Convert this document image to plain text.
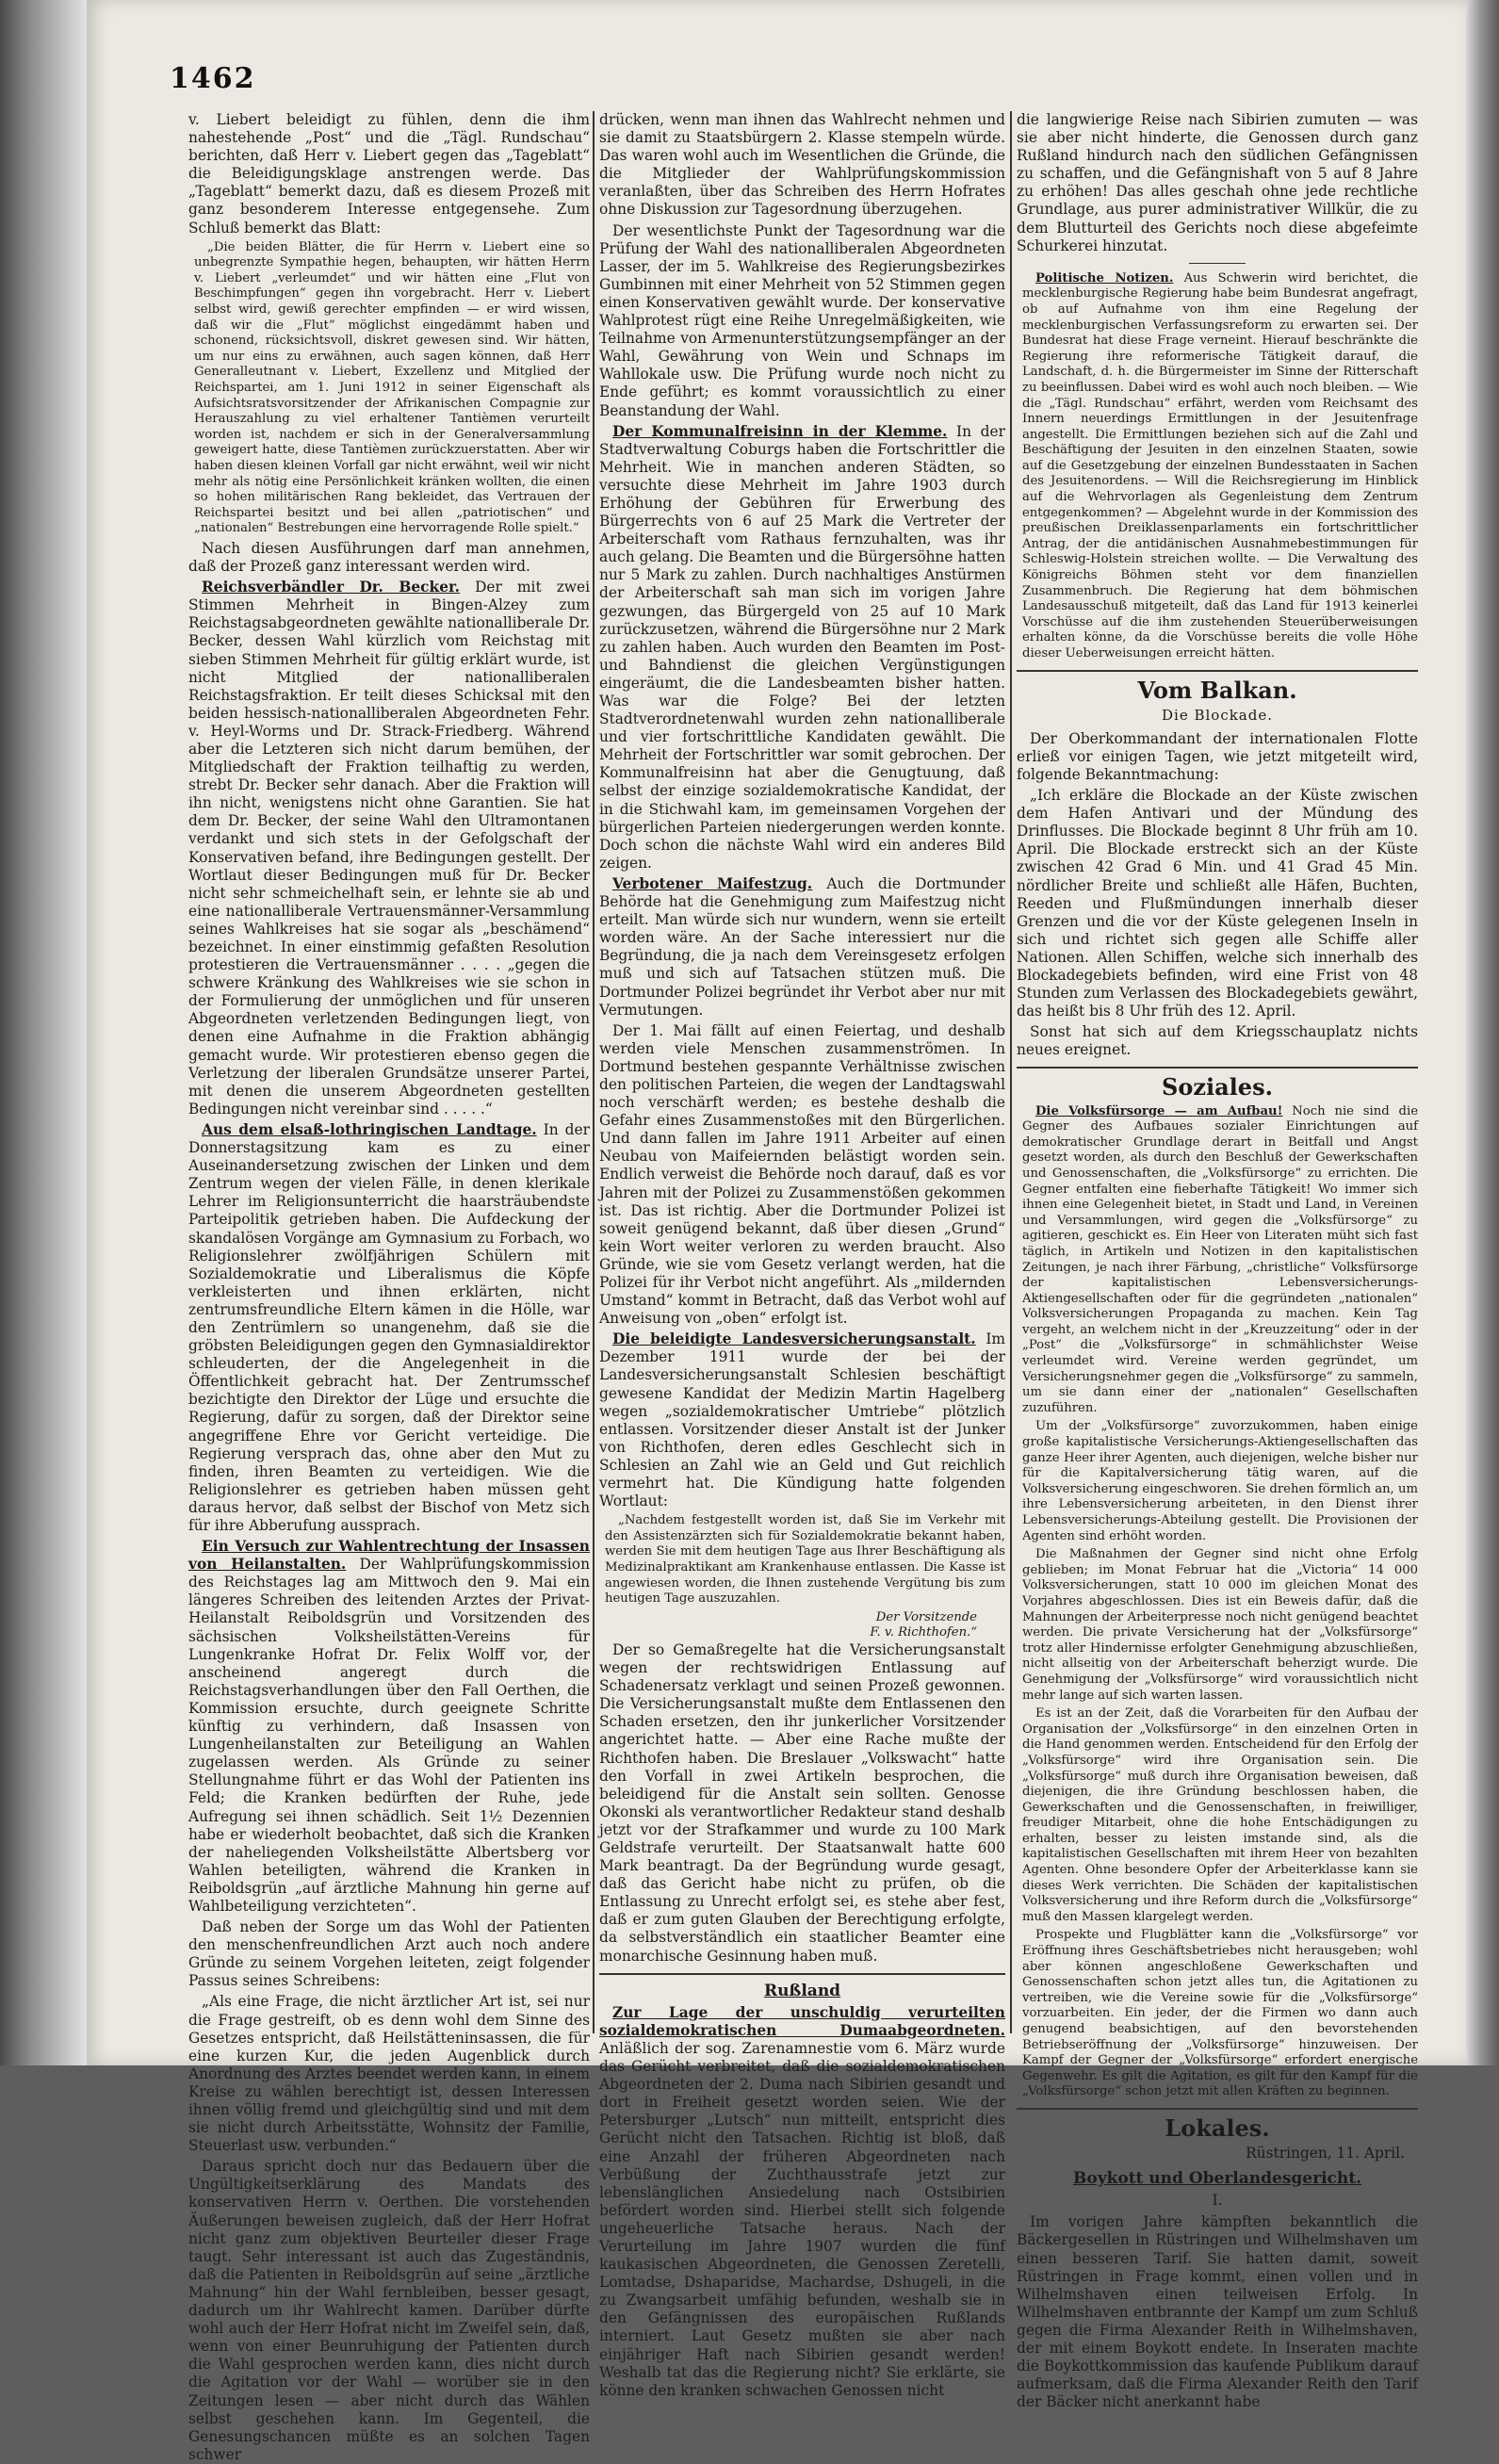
1462

v. Liebert beleidigt zu fühlen, denn die ihm nahestehende „Post“ und die „Tägl. Rundschau“ berichten, daß Herr v. Liebert gegen das „Tageblatt“ die Beleidigungsklage anstrengen werde. Das „Tageblatt“ bemerkt dazu, daß es diesem Prozeß mit ganz besonderem Interesse entgegensehe. Zum Schluß bemerkt das Blatt:

„Die beiden Blätter, die für Herrn v. Liebert eine so unbegrenzte Sympathie hegen, behaupten, wir hätten Herrn v. Liebert „verleumdet“ und wir hätten eine „Flut von Beschimpfungen“ gegen ihn vorgebracht. Herr v. Liebert selbst wird, gewiß gerechter empfinden — er wird wissen, daß wir die „Flut“ möglichst eingedämmt haben und schonend, rücksichtsvoll, diskret gewesen sind. Wir hätten, um nur eins zu erwähnen, auch sagen können, daß Herr Generalleutnant v. Liebert, Exzellenz und Mitglied der Reichspartei, am 1. Juni 1912 in seiner Eigenschaft als Aufsichtsratsvorsitzender der Afrikanischen Compagnie zur Herauszahlung zu viel erhaltener Tantièmen verurteilt worden ist, nachdem er sich in der Generalversammlung geweigert hatte, diese Tantièmen zurückzuerstatten. Aber wir haben diesen kleinen Vorfall gar nicht erwähnt, weil wir nicht mehr als nötig eine Persönlichkeit kränken wollten, die einen so hohen militärischen Rang bekleidet, das Vertrauen der Reichspartei besitzt und bei allen „patriotischen“ und „nationalen“ Bestrebungen eine hervorragende Rolle spielt.“

Nach diesen Ausführungen darf man annehmen, daß der Prozeß ganz interessant werden wird.

Reichsverbändler Dr. Becker. Der mit zwei Stimmen Mehrheit in Bingen-Alzey zum Reichstagsabgeordneten gewählte nationalliberale Dr. Becker, dessen Wahl kürzlich vom Reichstag mit sieben Stimmen Mehrheit für gültig erklärt wurde, ist nicht Mitglied der nationalliberalen Reichstagsfraktion. Er teilt dieses Schicksal mit den beiden hessisch-nationalliberalen Abgeordneten Fehr. v. Heyl-Worms und Dr. Strack-Friedberg. Während aber die Letzteren sich nicht darum bemühen, der Mitgliedschaft der Fraktion teilhaftig zu werden, strebt Dr. Becker sehr danach. Aber die Fraktion will ihn nicht, wenigstens nicht ohne Garantien. Sie hat dem Dr. Becker, der seine Wahl den Ultramontanen verdankt und sich stets in der Gefolgschaft der Konservativen befand, ihre Bedingungen gestellt. Der Wortlaut dieser Bedingungen muß für Dr. Becker nicht sehr schmeichelhaft sein, er lehnte sie ab und eine nationalliberale Vertrauensmänner-Versammlung seines Wahlkreises hat sie sogar als „beschämend“ bezeichnet. In einer einstimmig gefaßten Resolution protestieren die Vertrauensmänner . . . . „gegen die schwere Kränkung des Wahlkreises wie sie schon in der Formulierung der unmöglichen und für unseren Abgeordneten verletzenden Bedingungen liegt, von denen eine Aufnahme in die Fraktion abhängig gemacht wurde. Wir protestieren ebenso gegen die Verletzung der liberalen Grundsätze unserer Partei, mit denen die unserem Abgeordneten gestellten Bedingungen nicht vereinbar sind . . . . .“

Aus dem elsaß-lothringischen Landtage. In der Donnerstagsitzung kam es zu einer Auseinandersetzung zwischen der Linken und dem Zentrum wegen der vielen Fälle, in denen klerikale Lehrer im Religionsunterricht die haarsträubendste Parteipolitik getrieben haben. Die Aufdeckung der skandalösen Vorgänge am Gymnasium zu Forbach, wo Religionslehrer zwölfjährigen Schülern mit Sozialdemokratie und Liberalismus die Köpfe verkleisterten und ihnen erklärten, nicht zentrumsfreundliche Eltern kämen in die Hölle, war den Zentrümlern so unangenehm, daß sie die gröbsten Beleidigungen gegen den Gymnasialdirektor schleuderten, der die Angelegenheit in die Öffentlichkeit gebracht hat. Der Zentrumsschef bezichtigte den Direktor der Lüge und ersuchte die Regierung, dafür zu sorgen, daß der Direktor seine angegriffene Ehre vor Gericht verteidige. Die Regierung versprach das, ohne aber den Mut zu finden, ihren Beamten zu verteidigen. Wie die Religionslehrer es getrieben haben müssen geht daraus hervor, daß selbst der Bischof von Metz sich für ihre Abberufung aussprach.

Ein Versuch zur Wahlentrechtung der Insassen von Heilanstalten. Der Wahlprüfungskommission des Reichstages lag am Mittwoch den 9. Mai ein längeres Schreiben des leitenden Arztes der Privat-Heilanstalt Reiboldsgrün und Vorsitzenden des sächsischen Volksheilstätten-Vereins für Lungenkranke Hofrat Dr. Felix Wolff vor, der anscheinend angeregt durch die Reichstagsverhandlungen über den Fall Oerthen, die Kommission ersuchte, durch geeignete Schritte künftig zu verhindern, daß Insassen von Lungenheilanstalten zur Beteiligung an Wahlen zugelassen werden. Als Gründe zu seiner Stellungnahme führt er das Wohl der Patienten ins Feld; die Kranken bedürften der Ruhe, jede Aufregung sei ihnen schädlich. Seit 1½ Dezennien habe er wiederholt beobachtet, daß sich die Kranken der naheliegenden Volksheilstätte Albertsberg vor Wahlen beteiligten, während die Kranken in Reiboldsgrün „auf ärztliche Mahnung hin gerne auf Wahlbeteiligung verzichteten“.

Daß neben der Sorge um das Wohl der Patienten den menschenfreundlichen Arzt auch noch andere Gründe zu seinem Vorgehen leiteten, zeigt folgender Passus seines Schreibens:

„Als eine Frage, die nicht ärztlicher Art ist, sei nur die Frage gestreift, ob es denn wohl dem Sinne des Gesetzes entspricht, daß Heilstätteninsassen, die für eine kurzen Kur, die jeden Augenblick durch Anordnung des Arztes beendet werden kann, in einem Kreise zu wählen berechtigt ist, dessen Interessen ihnen völlig fremd und gleichgültig sind und mit dem sie nicht durch Arbeitsstätte, Wohnsitz der Familie, Steuerlast usw. verbunden.“

Daraus spricht doch nur das Bedauern über die Ungültigkeitserklärung des Mandats des konservativen Herrn v. Oerthen. Die vorstehenden Äußerungen beweisen zugleich, daß der Herr Hofrat nicht ganz zum objektiven Beurteiler dieser Frage taugt. Sehr interessant ist auch das Zugeständnis, daß die Patienten in Reiboldsgrün auf seine „ärztliche Mahnung“ hin der Wahl fernbleiben, besser gesagt, dadurch um ihr Wahlrecht kamen. Darüber dürfte wohl auch der Herr Hofrat nicht im Zweifel sein, daß, wenn von einer Beunruhigung der Patienten durch die Wahl gesprochen werden kann, dies nicht durch die Agitation vor der Wahl — worüber sie in den Zeitungen lesen — aber nicht durch das Wählen selbst geschehen kann. Im Gegenteil, die Genesungschancen müßte es an solchen Tagen schwer

drücken, wenn man ihnen das Wahlrecht nehmen und sie damit zu Staatsbürgern 2. Klasse stempeln würde. Das waren wohl auch im Wesentlichen die Gründe, die die Mitglieder der Wahlprüfungskommission veranlaßten, über das Schreiben des Herrn Hofrates ohne Diskussion zur Tagesordnung überzugehen.

Der wesentlichste Punkt der Tagesordnung war die Prüfung der Wahl des nationalliberalen Abgeordneten Lasser, der im 5. Wahlkreise des Regierungsbezirkes Gumbinnen mit einer Mehrheit von 52 Stimmen gegen einen Konservativen gewählt wurde. Der konservative Wahlprotest rügt eine Reihe Unregelmäßigkeiten, wie Teilnahme von Armenunterstützungsempfänger an der Wahl, Gewährung von Wein und Schnaps im Wahllokale usw. Die Prüfung wurde noch nicht zu Ende geführt; es kommt voraussichtlich zu einer Beanstandung der Wahl.

Der Kommunalfreisinn in der Klemme. In der Stadtverwaltung Coburgs haben die Fortschrittler die Mehrheit. Wie in manchen anderen Städten, so versuchte diese Mehrheit im Jahre 1903 durch Erhöhung der Gebühren für Erwerbung des Bürgerrechts von 6 auf 25 Mark die Vertreter der Arbeiterschaft vom Rathaus fernzuhalten, was ihr auch gelang. Die Beamten und die Bürgersöhne hatten nur 5 Mark zu zahlen. Durch nachhaltiges Anstürmen der Arbeiterschaft sah man sich im vorigen Jahre gezwungen, das Bürgergeld von 25 auf 10 Mark zurückzusetzen, während die Bürgersöhne nur 2 Mark zu zahlen haben. Auch wurden den Beamten im Post- und Bahndienst die gleichen Vergünstigungen eingeräumt, die die Landesbeamten bisher hatten. Was war die Folge? Bei der letzten Stadtverordnetenwahl wurden zehn nationalliberale und vier fortschrittliche Kandidaten gewählt. Die Mehrheit der Fortschrittler war somit gebrochen. Der Kommunalfreisinn hat aber die Genugtuung, daß selbst der einzige sozialdemokratische Kandidat, der in die Stichwahl kam, im gemeinsamen Vorgehen der bürgerlichen Parteien niedergerungen werden konnte. Doch schon die nächste Wahl wird ein anderes Bild zeigen.

Verbotener Maifestzug. Auch die Dortmunder Behörde hat die Genehmigung zum Maifestzug nicht erteilt. Man würde sich nur wundern, wenn sie erteilt worden wäre. An der Sache interessiert nur die Begründung, die ja nach dem Vereinsgesetz erfolgen muß und sich auf Tatsachen stützen muß. Die Dortmunder Polizei begründet ihr Verbot aber nur mit Vermutungen.

Der 1. Mai fällt auf einen Feiertag, und deshalb werden viele Menschen zusammenströmen. In Dortmund bestehen gespannte Verhältnisse zwischen den politischen Parteien, die wegen der Landtagswahl noch verschärft werden; es bestehe deshalb die Gefahr eines Zusammenstoßes mit den Bürgerlichen. Und dann fallen im Jahre 1911 Arbeiter auf einen Neubau von Maifeiernden belästigt worden sein. Endlich verweist die Behörde noch darauf, daß es vor Jahren mit der Polizei zu Zusammenstößen gekommen ist. Das ist richtig. Aber die Dortmunder Polizei ist soweit genügend bekannt, daß über diesen „Grund“ kein Wort weiter verloren zu werden braucht. Also Gründe, wie sie vom Gesetz verlangt werden, hat die Polizei für ihr Verbot nicht angeführt. Als „mildernden Umstand“ kommt in Betracht, daß das Verbot wohl auf Anweisung von „oben“ erfolgt ist.

Die beleidigte Landesversicherungsanstalt. Im Dezember 1911 wurde der bei der Landesversicherungsanstalt Schlesien beschäftigt gewesene Kandidat der Medizin Martin Hagelberg wegen „sozialdemokratischer Umtriebe“ plötzlich entlassen. Vorsitzender dieser Anstalt ist der Junker von Richthofen, deren edles Geschlecht sich in Schlesien an Zahl wie an Geld und Gut reichlich vermehrt hat. Die Kündigung hatte folgenden Wortlaut:

„Nachdem festgestellt worden ist, daß Sie im Verkehr mit den Assistenzärzten sich für Sozialdemokratie bekannt haben, werden Sie mit dem heutigen Tage aus Ihrer Beschäftigung als Medizinalpraktikant am Krankenhause entlassen. Die Kasse ist angewiesen worden, die Ihnen zustehende Vergütung bis zum heutigen Tage auszuzahlen.

Der Vorsitzende
F. v. Richthofen.“

Der so Gemaßregelte hat die Versicherungsanstalt wegen der rechtswidrigen Entlassung auf Schadenersatz verklagt und seinen Prozeß gewonnen. Die Versicherungsanstalt mußte dem Entlassenen den Schaden ersetzen, den ihr junkerlicher Vorsitzender angerichtet hatte. — Aber eine Rache mußte der Richthofen haben. Die Breslauer „Volkswacht“ hatte den Vorfall in zwei Artikeln besprochen, die beleidigend für die Anstalt sein sollten. Genosse Okonski als verantwortlicher Redakteur stand deshalb jetzt vor der Strafkammer und wurde zu 100 Mark Geldstrafe verurteilt. Der Staatsanwalt hatte 600 Mark beantragt. Da der Begründung wurde gesagt, daß das Gericht habe nicht zu prüfen, ob die Entlassung zu Unrecht erfolgt sei, es stehe aber fest, daß er zum guten Glauben der Berechtigung erfolgte, da selbstverständlich ein staatlicher Beamter eine monarchische Gesinnung haben muß.

Rußland

Zur Lage der unschuldig verurteilten sozialdemokratischen Dumaabgeordneten. Anläßlich der sog. Zarenamnestie vom 6. März wurde das Gerücht verbreitet, daß die sozialdemokratischen Abgeordneten der 2. Duma nach Sibirien gesandt und dort in Freiheit gesetzt worden seien. Wie der Petersburger „Lutsch“ nun mitteilt, entspricht dies Gerücht nicht den Tatsachen. Richtig ist bloß, daß eine Anzahl der früheren Abgeordneten nach Verbüßung der Zuchthausstrafe jetzt zur lebenslänglichen Ansiedelung nach Ostsibirien befördert worden sind. Hierbei stellt sich folgende ungeheuerliche Tatsache heraus. Nach der Verurteilung im Jahre 1907 wurden die fünf kaukasischen Abgeordneten, die Genossen Zeretelli, Lomtadse, Dshaparidse, Machardse, Dshugeli, in die zu Zwangsarbeit umfähig befunden, weshalb sie in den Gefängnissen des europäischen Rußlands interniert. Laut Gesetz mußten sie aber nach einjähriger Haft nach Sibirien gesandt werden! Weshalb tat das die Regierung nicht? Sie erklärte, sie könne den kranken schwachen Genossen nicht

die langwierige Reise nach Sibirien zumuten — was sie aber nicht hinderte, die Genossen durch ganz Rußland hindurch nach den südlichen Gefängnissen zu schaffen, und die Gefängnishaft von 5 auf 8 Jahre zu erhöhen! Das alles geschah ohne jede rechtliche Grundlage, aus purer administrativer Willkür, die zu dem Blutturteil des Gerichts noch diese abgefeimte Schurkerei hinzutat.

Politische Notizen. Aus Schwerin wird berichtet, die mecklenburgische Regierung habe beim Bundesrat angefragt, ob auf Aufnahme von ihm eine Regelung der mecklenburgischen Verfassungsreform zu erwarten sei. Der Bundesrat hat diese Frage verneint. Hierauf beschränkte die Regierung ihre reformerische Tätigkeit darauf, die Landschaft, d. h. die Bürgermeister im Sinne der Ritterschaft zu beeinflussen. Dabei wird es wohl auch noch bleiben. — Wie die „Tägl. Rundschau“ erfährt, werden vom Reichsamt des Innern neuerdings Ermittlungen in der Jesuitenfrage angestellt. Die Ermittlungen beziehen sich auf die Zahl und Beschäftigung der Jesuiten in den einzelnen Staaten, sowie auf die Gesetzgebung der einzelnen Bundesstaaten in Sachen des Jesuitenordens. — Will die Reichsregierung im Hinblick auf die Wehrvorlagen als Gegenleistung dem Zentrum entgegenkommen? — Abgelehnt wurde in der Kommission des preußischen Dreiklassenparlaments ein fortschrittlicher Antrag, der die antidänischen Ausnahmebestimmungen für Schleswig-Holstein streichen wollte. — Die Verwaltung des Königreichs Böhmen steht vor dem finanziellen Zusammenbruch. Die Regierung hat dem böhmischen Landesausschuß mitgeteilt, daß das Land für 1913 keinerlei Vorschüsse auf die ihm zustehenden Steuerüberweisungen erhalten könne, da die Vorschüsse bereits die volle Höhe dieser Ueberweisungen erreicht hätten.

Vom Balkan.
Die Blockade.

Der Oberkommandant der internationalen Flotte erließ vor einigen Tagen, wie jetzt mitgeteilt wird, folgende Bekanntmachung:

„Ich erkläre die Blockade an der Küste zwischen dem Hafen Antivari und der Mündung des Drinflusses. Die Blockade beginnt 8 Uhr früh am 10. April. Die Blockade erstreckt sich an der Küste zwischen 42 Grad 6 Min. und 41 Grad 45 Min. nördlicher Breite und schließt alle Häfen, Buchten, Reeden und Flußmündungen innerhalb dieser Grenzen und die vor der Küste gelegenen Inseln in sich und richtet sich gegen alle Schiffe aller Nationen. Allen Schiffen, welche sich innerhalb des Blockadegebiets befinden, wird eine Frist von 48 Stunden zum Verlassen des Blockadegebiets gewährt, das heißt bis 8 Uhr früh des 12. April.

Sonst hat sich auf dem Kriegsschauplatz nichts neues ereignet.

Soziales.

Die Volksfürsorge — am Aufbau! Noch nie sind die Gegner des Aufbaues sozialer Einrichtungen auf demokratischer Grundlage derart in Beitfall und Angst gesetzt worden, als durch den Beschluß der Gewerkschaften und Genossenschaften, die „Volksfürsorge“ zu errichten. Die Gegner entfalten eine fieberhafte Tätigkeit! Wo immer sich ihnen eine Gelegenheit bietet, in Stadt und Land, in Vereinen und Versammlungen, wird gegen die „Volksfürsorge“ zu agitieren, geschickt es. Ein Heer von Literaten müht sich fast täglich, in Artikeln und Notizen in den kapitalistischen Zeitungen, je nach ihrer Färbung, „christliche“ Volksfürsorge der kapitalistischen Lebensversicherungs-Aktiengesellschaften oder für die gegründeten „nationalen“ Volksversicherungen Propaganda zu machen. Kein Tag vergeht, an welchem nicht in der „Kreuzzeitung“ oder in der „Post“ die „Volksfürsorge“ in schmählichster Weise verleumdet wird. Vereine werden gegründet, um Versicherungsnehmer gegen die „Volksfürsorge“ zu sammeln, um sie dann einer der „nationalen“ Gesellschaften zuzuführen.

Um der „Volksfürsorge“ zuvorzukommen, haben einige große kapitalistische Versicherungs-Aktiengesellschaften das ganze Heer ihrer Agenten, auch diejenigen, welche bisher nur für die Kapitalversicherung tätig waren, auf die Volksversicherung eingeschworen. Sie drehen förmlich an, um ihre Lebensversicherung arbeiteten, in den Dienst ihrer Lebensversicherungs-Abteilung gestellt. Die Provisionen der Agenten sind erhöht worden.

Die Maßnahmen der Gegner sind nicht ohne Erfolg geblieben; im Monat Februar hat die „Victoria“ 14 000 Volksversicherungen, statt 10 000 im gleichen Monat des Vorjahres abgeschlossen. Dies ist ein Beweis dafür, daß die Mahnungen der Arbeiterpresse noch nicht genügend beachtet werden. Die private Versicherung hat der „Volksfürsorge“ trotz aller Hindernisse erfolgter Genehmigung abzuschließen, nicht allseitig von der Arbeiterschaft beherzigt wurde. Die Genehmigung der „Volksfürsorge“ wird voraussichtlich nicht mehr lange auf sich warten lassen.

Es ist an der Zeit, daß die Vorarbeiten für den Aufbau der Organisation der „Volksfürsorge“ in den einzelnen Orten in die Hand genommen werden. Entscheidend für den Erfolg der „Volksfürsorge“ wird ihre Organisation sein. Die „Volksfürsorge“ muß durch ihre Organisation beweisen, daß diejenigen, die ihre Gründung beschlossen haben, die Gewerkschaften und die Genossenschaften, in freiwilliger, freudiger Mitarbeit, ohne die hohe Entschädigungen zu erhalten, besser zu leisten imstande sind, als die kapitalistischen Gesellschaften mit ihrem Heer von bezahlten Agenten. Ohne besondere Opfer der Arbeiterklasse kann sie dieses Werk verrichten. Die Schäden der kapitalistischen Volksversicherung und ihre Reform durch die „Volksfürsorge“ muß den Massen klargelegt werden.

Prospekte und Flugblätter kann die „Volksfürsorge“ vor Eröffnung ihres Geschäftsbetriebes nicht herausgeben; wohl aber können angeschloßene Gewerkschaften und Genossenschaften schon jetzt alles tun, die Agitationen zu vertreiben, wie die Vereine sowie für die „Volksfürsorge“ vorzuarbeiten. Ein jeder, der die Firmen wo dann auch genugend beabsichtigen, auf den bevorstehenden Betriebseröffnung der „Volksfürsorge“ hinzuweisen. Der Kampf der Gegner der „Volksfürsorge“ erfordert energische Gegenwehr. Es gilt die Agitation, es gilt für den Kampf für die „Volksfürsorge“ schon jetzt mit allen Kräften zu beginnen.

Lokales.
Rüstringen, 11. April.
Boykott und Oberlandesgericht.
I.

Im vorigen Jahre kämpften bekanntlich die Bäckergesellen in Rüstringen und Wilhelmshaven um einen besseren Tarif. Sie hatten damit, soweit Rüstringen in Frage kommt, einen vollen und in Wilhelmshaven einen teilweisen Erfolg. In Wilhelmshaven entbrannte der Kampf um zum Schluß gegen die Firma Alexander Reith in Wilhelmshaven, der mit einem Boykott endete. In Inseraten machte die Boykottkommission das kaufende Publikum darauf aufmerksam, daß die Firma Alexander Reith den Tarif der Bäcker nicht anerkannt habe
